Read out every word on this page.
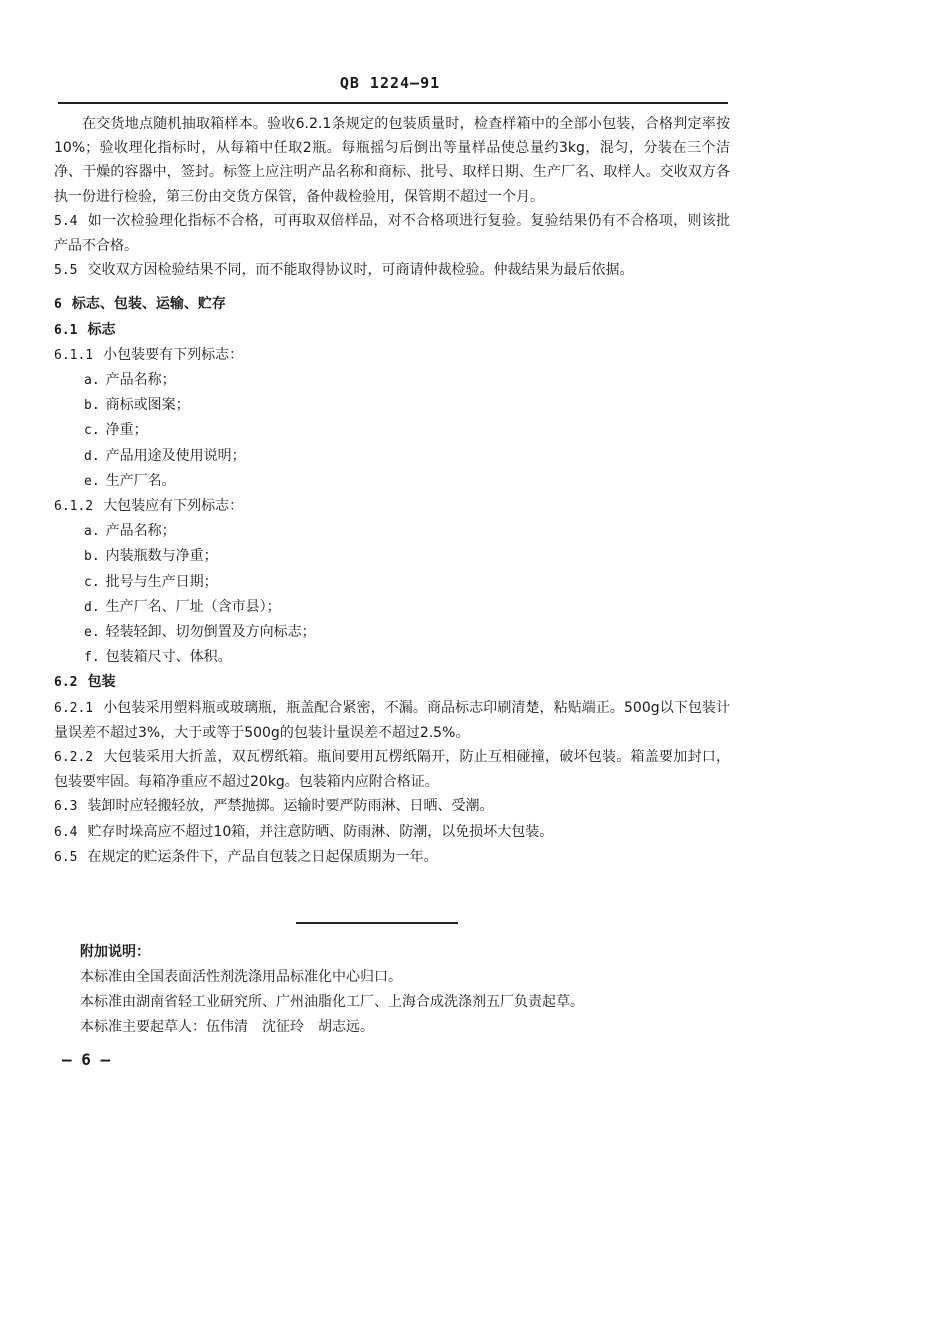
QB 1224—91

在交货地点随机抽取箱样本。验收6.2.1条规定的包装质量时，检查样箱中的全部小包装，合格判定率按10%；验收理化指标时，从每箱中任取2瓶。每瓶摇匀后倒出等量样品使总量约3kg，混匀，分装在三个洁净、干燥的容器中，签封。标签上应注明产品名称和商标、批号、取样日期、生产厂名、取样人。交收双方各执一份进行检验，第三份由交货方保管，备仲裁检验用，保管期不超过一个月。

5.4 如一次检验理化指标不合格，可再取双倍样品，对不合格项进行复验。复验结果仍有不合格项，则该批产品不合格。

5.5 交收双方因检验结果不同，而不能取得协议时，可商请仲裁检验。仲裁结果为最后依据。

6 标志、包装、运输、贮存

6.1 标志

6.1.1 小包装要有下列标志：

a. 产品名称；
b. 商标或图案；
c. 净重；
d. 产品用途及使用说明；
e. 生产厂名。

6.1.2 大包装应有下列标志：

a. 产品名称；
b. 内装瓶数与净重；
c. 批号与生产日期；
d. 生产厂名、厂址（含市县）；
e. 轻装轻卸、切勿倒置及方向标志；
f. 包装箱尺寸、体积。

6.2 包装

6.2.1 小包装采用塑料瓶或玻璃瓶，瓶盖配合紧密，不漏。商品标志印刷清楚，粘贴端正。500g以下包装计量误差不超过3%，大于或等于500g的包装计量误差不超过2.5%。

6.2.2 大包装采用大折盖，双瓦楞纸箱。瓶间要用瓦楞纸隔开，防止互相碰撞，破坏包装。箱盖要加封口，包装要牢固。每箱净重应不超过20kg。包装箱内应附合格证。

6.3 装卸时应轻搬轻放，严禁抛掷。运输时要严防雨淋、日晒、受潮。

6.4 贮存时垛高应不超过10箱，并注意防晒、防雨淋、防潮，以免损坏大包装。

6.5 在规定的贮运条件下，产品自包装之日起保质期为一年。

附加说明：
本标准由全国表面活性剂洗涤用品标准化中心归口。
本标准由湖南省轻工业研究所、广州油脂化工厂、上海合成洗涤剂五厂负责起草。
本标准主要起草人：伍伟清　沈征玲　胡志远。
— 6 —
